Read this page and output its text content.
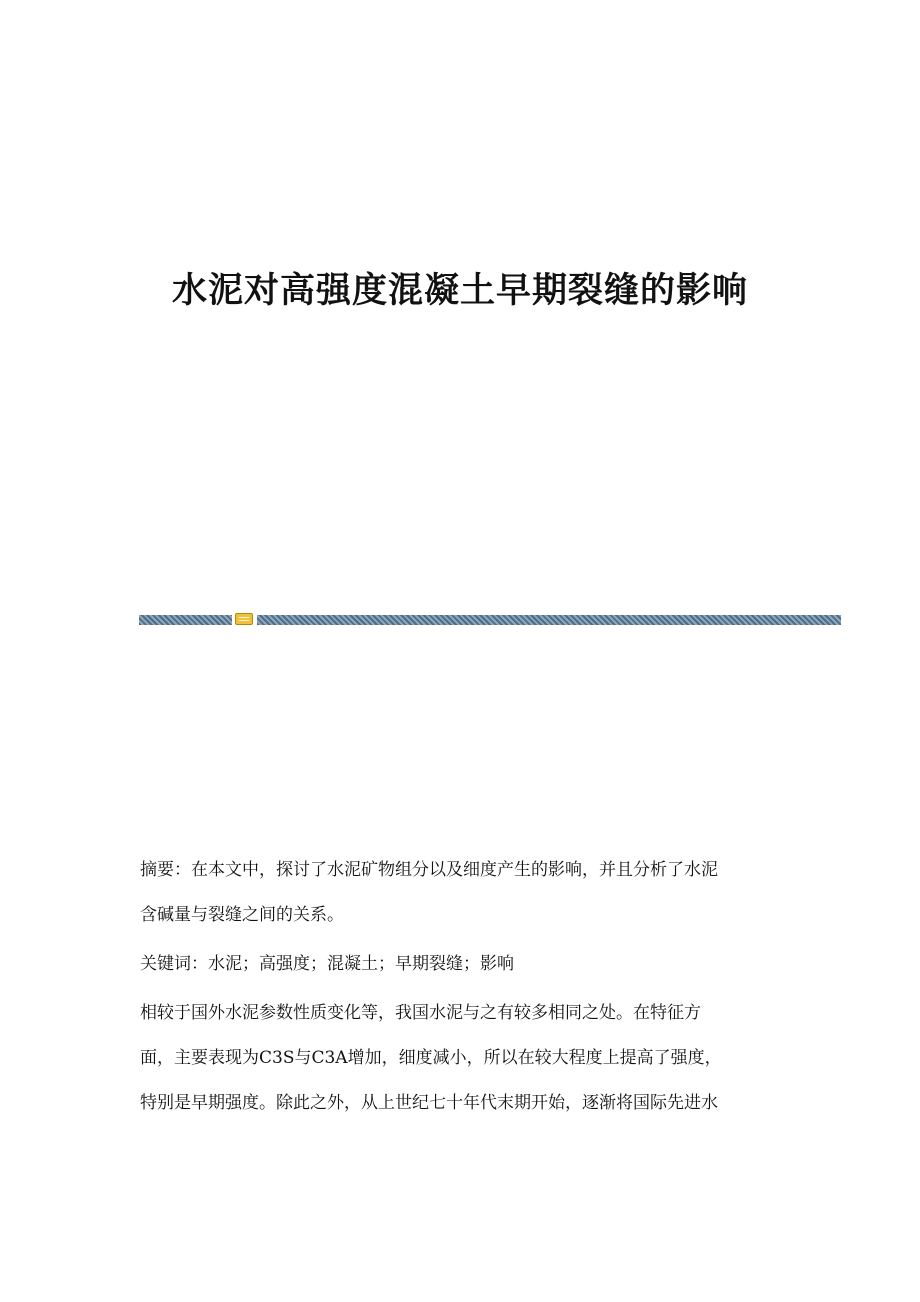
水泥对高强度混凝土早期裂缝的影响

摘要：在本文中，探讨了水泥矿物组分以及细度产生的影响，并且分析了水泥
含碱量与裂缝之间的关系。

关键词：水泥；高强度；混凝土；早期裂缝；影响

相较于国外水泥参数性质变化等，我国水泥与之有较多相同之处。在特征方
面，主要表现为C3S与C3A增加，细度减小，所以在较大程度上提高了强度，
特别是早期强度。除此之外，从上世纪七十年代末期开始，逐渐将国际先进水
